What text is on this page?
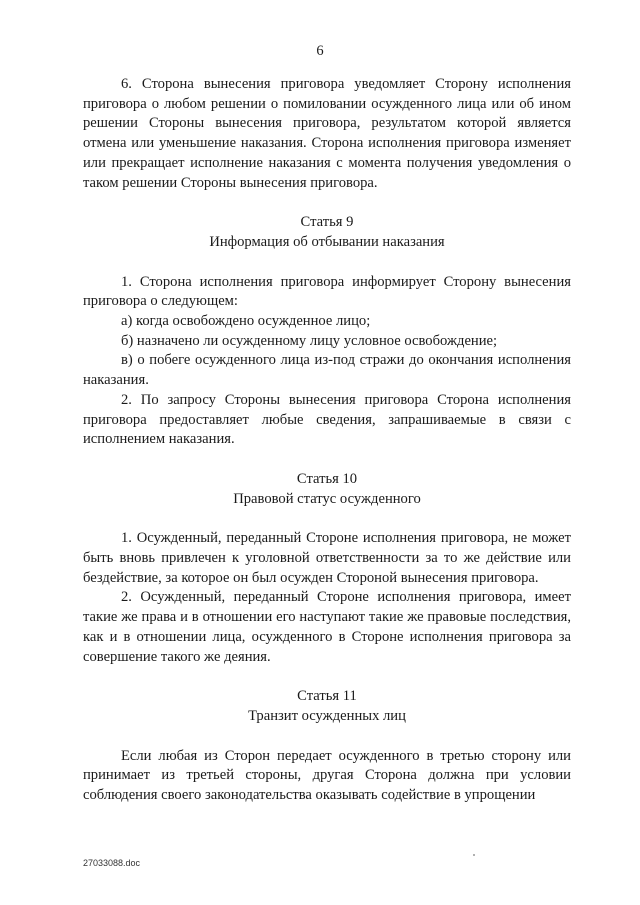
6

6. Сторона вынесения приговора уведомляет Сторону исполнения приговора о любом решении о помиловании осужденного лица или об ином решении Стороны вынесения приговора, результатом которой является отмена или уменьшение наказания. Сторона исполнения приговора изменяет или прекращает исполнение наказания с момента получения уведомления о таком решении Стороны вынесения приговора.

Статья 9

Информация об отбывании наказания

1. Сторона исполнения приговора информирует Сторону вынесения приговора о следующем:

а) когда освобождено осужденное лицо;

б) назначено ли осужденному лицу условное освобождение;

в) о побеге осужденного лица из-под стражи до окончания исполнения наказания.

2. По запросу Стороны вынесения приговора Сторона исполнения приговора предоставляет любые сведения, запрашиваемые в связи с исполнением наказания.

Статья 10

Правовой статус осужденного

1. Осужденный, переданный Стороне исполнения приговора, не может быть вновь привлечен к уголовной ответственности за то же действие или бездействие, за которое он был осужден Стороной вынесения приговора.

2. Осужденный, переданный Стороне исполнения приговора, имеет такие же права и в отношении его наступают такие же правовые последствия, как и в отношении лица, осужденного в Стороне исполнения приговора за совершение такого же деяния.

Статья 11

Транзит осужденных лиц

Если любая из Сторон передает осужденного в третью сторону или принимает из третьей стороны, другая Сторона должна при условии соблюдения своего законодательства оказывать содействие в упрощении

27033088.doc
